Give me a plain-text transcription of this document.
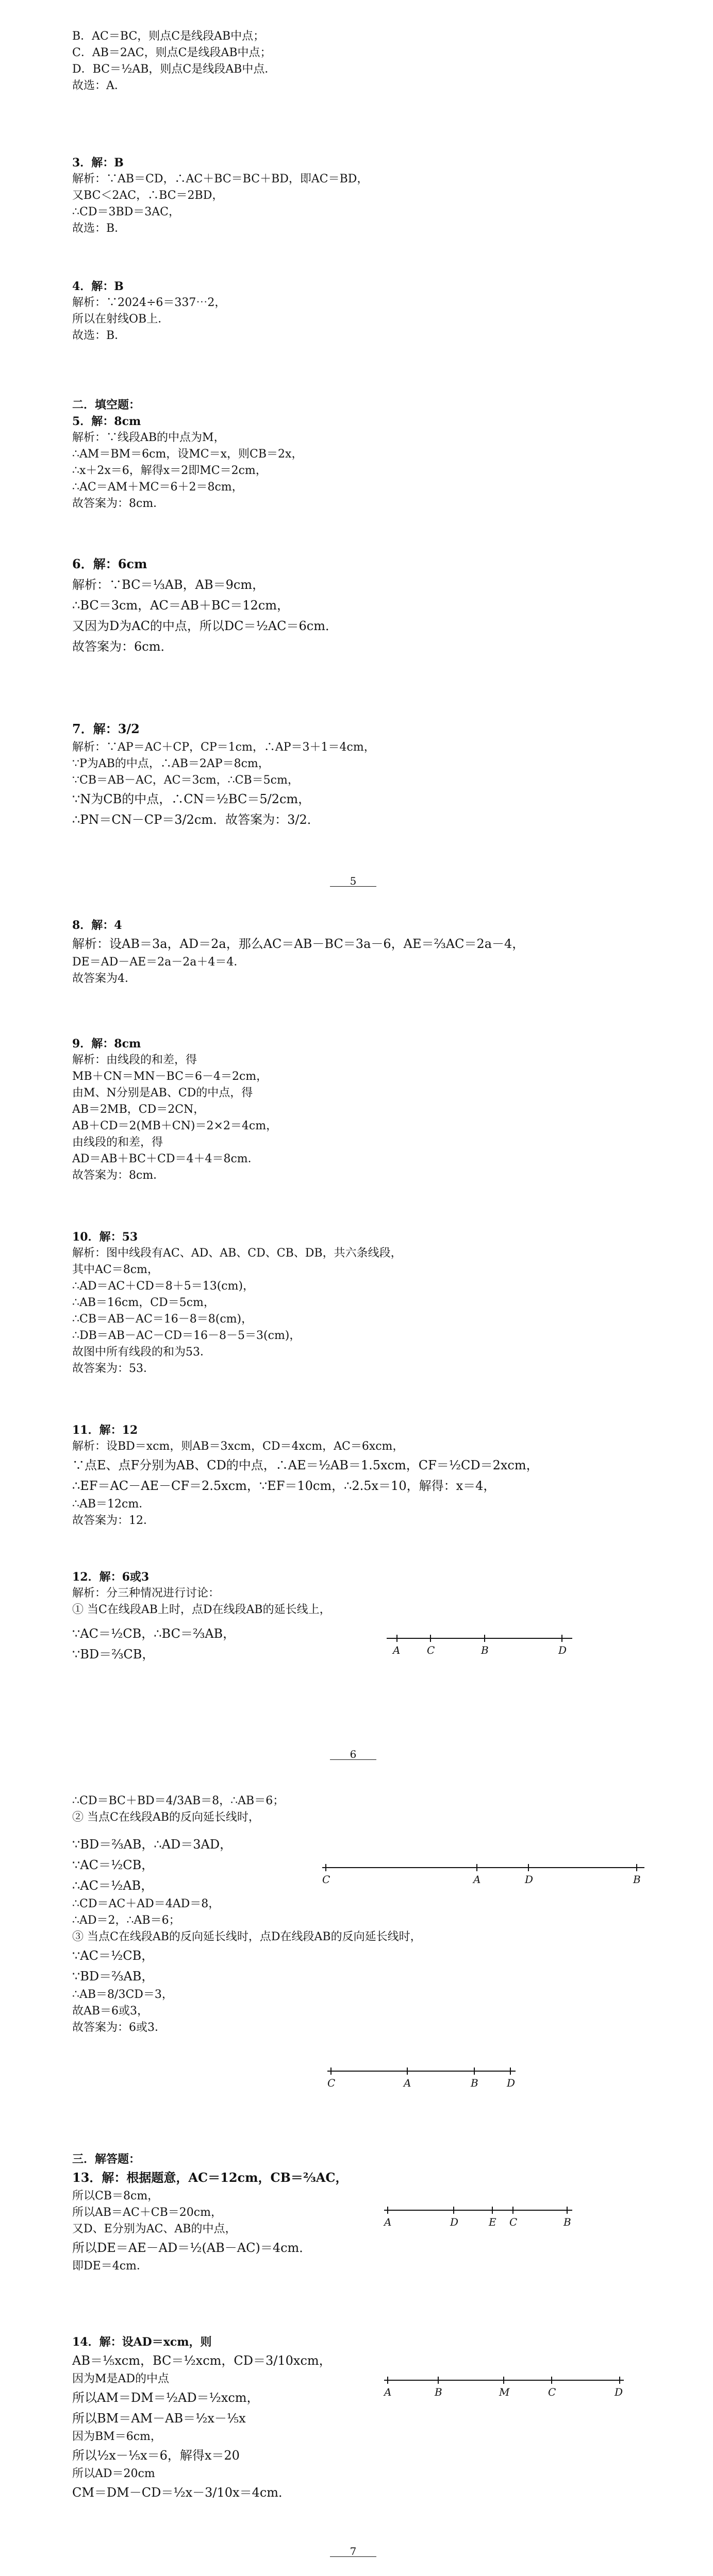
B．AC＝BC，则点C是线段AB中点；
C．AB＝2AC，则点C是线段AB中点；
D．BC＝½AB，则点C是线段AB中点．
故选：A．
3．解：B
解析：∵AB＝CD，∴AC＋BC＝BC＋BD，即AC＝BD，
又BC＜2AC，∴BC＝2BD，
∴CD＝3BD＝3AC，
故选：B．
4．解：B
解析：∵2024÷6＝337⋯2，
所以在射线OB上．
故选：B．
二．填空题：
5．解：8cm
解析：∵线段AB的中点为M，
∴AM＝BM＝6cm，设MC＝x，则CB＝2x，
∴x＋2x＝6，解得x＝2即MC＝2cm，
∴AC＝AM＋MC＝6＋2＝8cm，
故答案为：8cm．
6．解：6cm
解析：∵BC＝⅓AB，AB＝9cm，
∴BC＝3cm，AC＝AB＋BC＝12cm，
又因为D为AC的中点，所以DC＝½AC＝6cm．
故答案为：6cm．
7．解：3/2
解析：∵AP＝AC＋CP，CP＝1cm，∴AP＝3＋1＝4cm，
∵P为AB的中点，∴AB＝2AP＝8cm，
∵CB＝AB－AC，AC＝3cm，∴CB＝5cm，
∵N为CB的中点，∴CN＝½BC＝5/2cm，
∴PN＝CN－CP＝3/2cm．故答案为：3/2．
5
8．解：4
解析：设AB＝3a，AD＝2a，那么AC＝AB－BC＝3a－6，AE＝⅔AC＝2a－4，
DE＝AD－AE＝2a－2a＋4＝4．
故答案为4．
9．解：8cm
解析：由线段的和差，得
MB＋CN＝MN－BC＝6－4＝2cm，
由M、N分别是AB、CD的中点，得
AB＝2MB，CD＝2CN，
AB＋CD＝2(MB＋CN)＝2×2＝4cm，
由线段的和差，得
AD＝AB＋BC＋CD＝4＋4＝8cm．
故答案为：8cm．
10．解：53
解析：图中线段有AC、AD、AB、CD、CB、DB，共六条线段，
其中AC＝8cm，
∴AD＝AC＋CD＝8＋5＝13(cm)，
∴AB＝16cm，CD＝5cm，
∴CB＝AB－AC＝16－8＝8(cm)，
∴DB＝AB－AC－CD＝16－8－5＝3(cm)，
故图中所有线段的和为53．
故答案为：53．
11．解：12
解析：设BD＝xcm，则AB＝3xcm，CD＝4xcm，AC＝6xcm，
∵点E、点F分别为AB、CD的中点，∴AE＝½AB＝1.5xcm，CF＝½CD＝2xcm，
∴EF＝AC－AE－CF＝2.5xcm，∵EF＝10cm，∴2.5x＝10，解得：x＝4，
∴AB＝12cm．
故答案为：12．
12．解：6或3
解析：分三种情况进行讨论：
① 当C在线段AB上时，点D在线段AB的延长线上，
∵AC＝½CB，∴BC＝⅔AB，
∵BD＝⅔CB，	A	C	B	D
6
∴CD＝BC＋BD＝4/3AB＝8，∴AB＝6；
② 当点C在线段AB的反向延长线时，
∵BD＝⅔AB，∴AD＝3AD，
∵AC＝½CB，
∴AC＝½AB，
∴CD＝AC＋AD＝4AD＝8，
∴AD＝2，∴AB＝6；
③ 当点C在线段AB的反向延长线时，点D在线段AB的反向延长线时，
∵AC＝½CB，
∵BD＝⅔AB，
∴AB＝8/3CD＝3，
故AB＝6或3，
故答案为：6或3．
C	A	D	B
C	A	B	D
三．解答题：
13．解：根据题意，AC＝12cm，CB＝⅔AC，
所以CB＝8cm，
所以AB＝AC＋CB＝20cm，
又D、E分别为AC、AB的中点，
所以DE＝AE－AD＝½(AB－AC)＝4cm．
即DE＝4cm．
A	D	E C	B
14．解：设AD＝xcm，则
AB＝⅕xcm，BC＝½xcm，CD＝3/10xcm，
因为M是AD的中点
所以AM＝DM＝½AD＝½xcm，
所以BM＝AM－AB＝½x－⅕x
因为BM＝6cm，
所以½x－⅕x＝6，解得x＝20
所以AD＝20cm
CM＝DM－CD＝½x－3/10x＝4cm．
A	B	M	C	D
7
